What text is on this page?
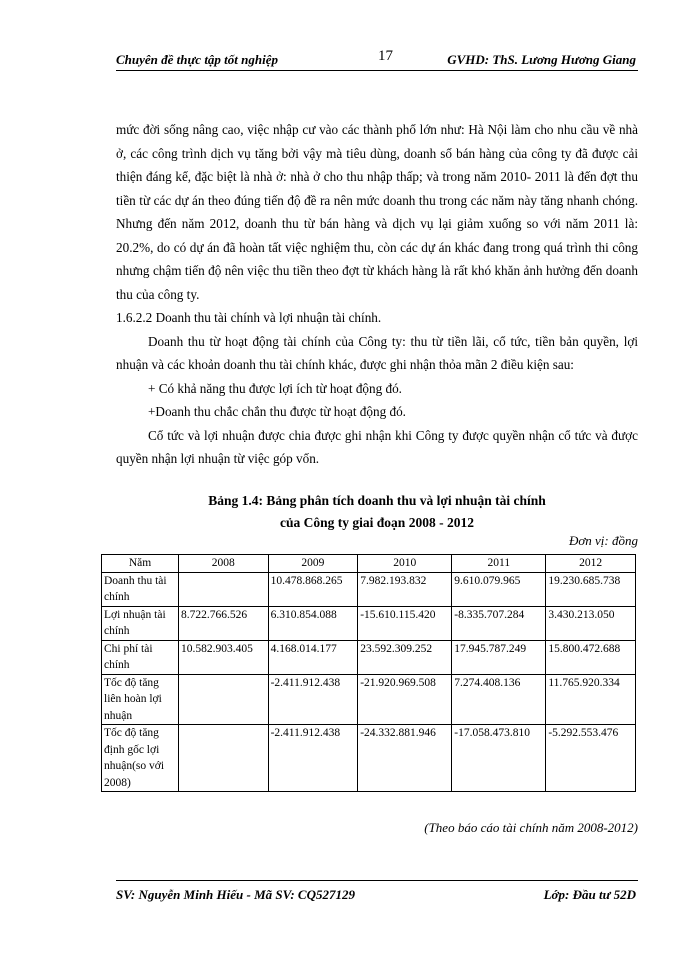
Chuyên đề thực tập tốt nghiệp	17	GVHD: ThS. Lương Hương Giang

mức đời sống nâng cao, việc nhập cư vào các thành phố lớn như: Hà Nội làm cho nhu cầu về nhà ở, các công trình dịch vụ tăng bởi vậy mà tiêu dùng, doanh số bán hàng của công ty đã được cải thiện đáng kể, đặc biệt là nhà ở: nhà ở cho thu nhập thấp; và trong năm 2010- 2011 là đến đợt thu tiền từ các dự án theo đúng tiến độ đề ra nên mức doanh thu trong các năm này tăng nhanh chóng. Nhưng đến năm 2012, doanh thu từ bán hàng và dịch vụ lại giảm xuống so với năm 2011 là: 20.2%, do có dự án đã hoàn tất việc nghiệm thu, còn các dự án khác đang trong quá trình thi công nhưng chậm tiến độ nên việc thu tiền theo đợt từ khách hàng là rất khó khăn ảnh hưởng đến doanh thu của công ty.

1.6.2.2 Doanh thu tài chính và lợi nhuận tài chính.

Doanh thu từ hoạt động tài chính của Công ty: thu từ tiền lãi, cổ tức, tiền bản quyền, lợi nhuận và các khoản doanh thu tài chính khác, được ghi nhận thỏa mãn 2 điều kiện sau:

+ Có khả năng thu được lợi ích từ hoạt động đó.

+Doanh thu chắc chắn thu được từ hoạt động đó.

Cổ tức và lợi nhuận được chia được ghi nhận khi Công ty được quyền nhận cổ tức và được quyền nhận lợi nhuận từ việc góp vốn.

Bảng 1.4: Bảng phân tích doanh thu và lợi nhuận tài chính
của Công ty giai đoạn 2008 - 2012
Đơn vị: đồng
Năm	2008	2009	2010	2011	2012
Doanh thu tài chính		10.478.868.265	7.982.193.832	9.610.079.965	19.230.685.738
Lợi nhuận tài chính	8.722.766.526	6.310.854.088	-15.610.115.420	-8.335.707.284	3.430.213.050
Chi phí tài chính	10.582.903.405	4.168.014.177	23.592.309.252	17.945.787.249	15.800.472.688
Tốc độ tăng liên hoàn lợi nhuận		-2.411.912.438	-21.920.969.508	7.274.408.136	11.765.920.334
Tốc độ tăng định gốc lợi nhuận(so với 2008)		-2.411.912.438	-24.332.881.946	-17.058.473.810	-5.292.553.476
(Theo báo cáo tài chính năm 2008-2012)
SV: Nguyễn Minh Hiếu - Mã SV: CQ527129	Lớp: Đầu tư 52D
